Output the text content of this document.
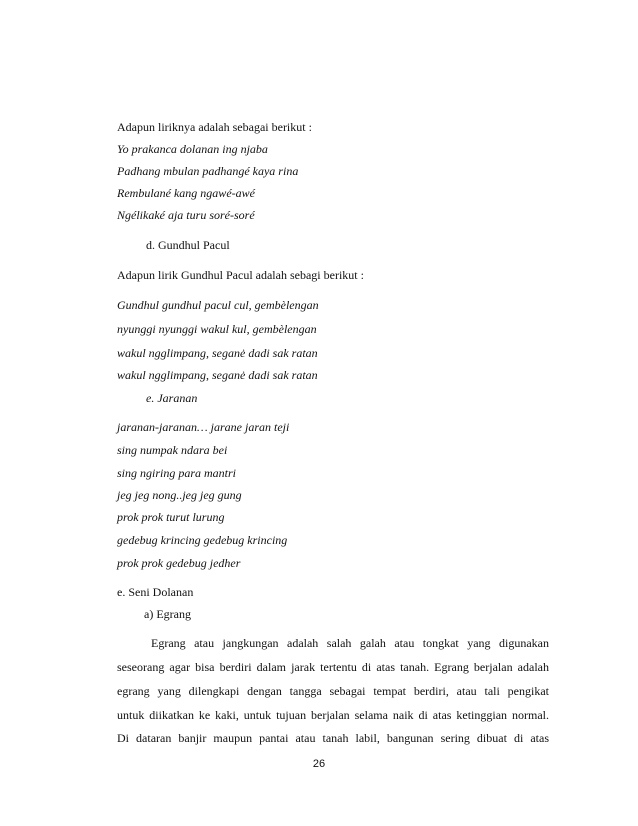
Adapun liriknya adalah sebagai berikut :
Yo prakanca dolanan ing njaba
Padhang mbulan padhangé kaya rina
Rembulané kang ngawé-awé
Ngélikaké aja turu soré-soré
d. Gundhul Pacul
Adapun lirik Gundhul Pacul adalah sebagi berikut :
Gundhul gundhul pacul cul, gembèlengan
nyunggi nyunggi wakul kul, gembèlengan
wakul ngglimpang, seganė dadi sak ratan
wakul ngglimpang, seganė dadi sak ratan
e. Jaranan
jaranan-jaranan… jarane jaran teji
sing numpak ndara bei
sing ngiring para mantri
jeg jeg nong..jeg jeg gung
prok prok turut lurung
gedebug krincing gedebug krincing
prok prok gedebug jedher
e. Seni Dolanan
a) Egrang
Egrang atau jangkungan adalah salah galah atau tongkat yang digunakan
seseorang agar bisa berdiri dalam jarak tertentu di atas tanah. Egrang berjalan adalah
egrang yang dilengkapi dengan tangga sebagai tempat berdiri, atau tali pengikat
untuk diikatkan ke kaki, untuk tujuan berjalan selama naik di atas ketinggian normal.
Di dataran banjir maupun pantai atau tanah labil, bangunan sering dibuat di atas
26
